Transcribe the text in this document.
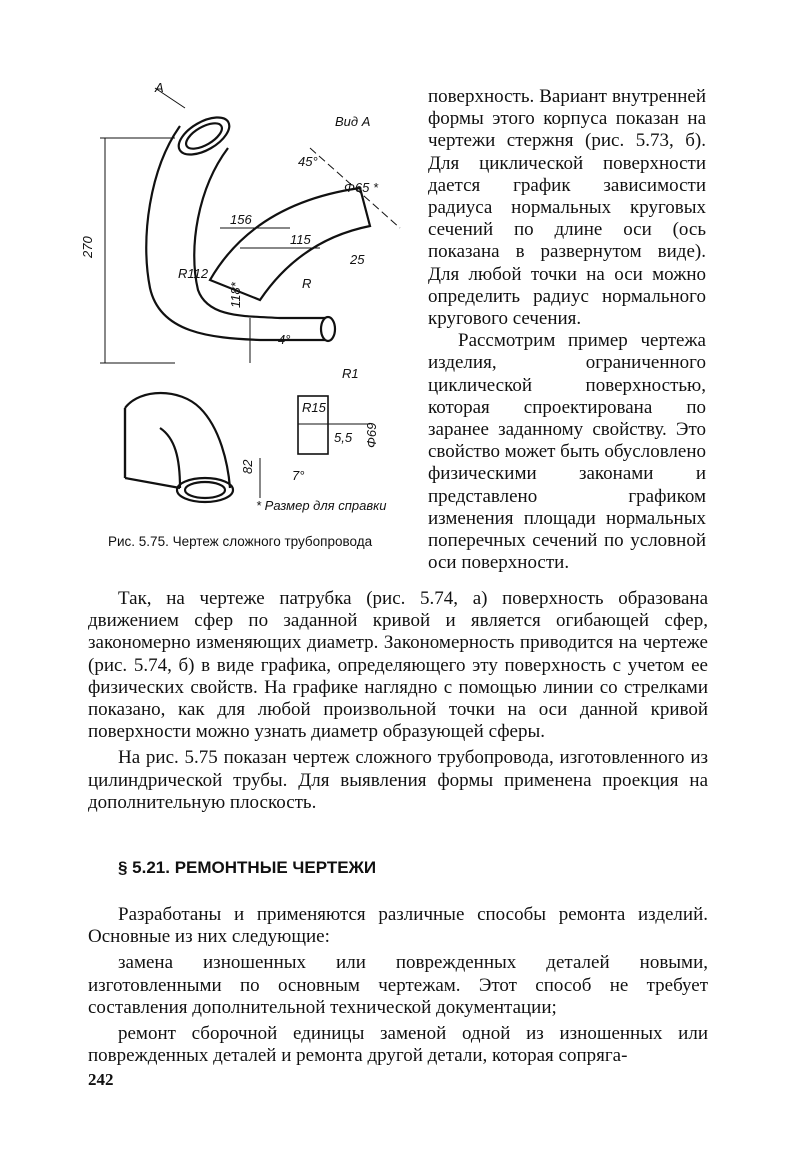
A
Вид А
45°
Φ65 *
156
115
270
R112
118*
25
R
4°
R1
R15
5,5 Φ69
82
7°
* Размер для справки
Рис. 5.75. Чертеж сложного трубопровода

поверхность. Вариант внутренней формы этого корпуса показан на чертежи стержня (рис. 5.73, б). Для циклической поверхности дается график зависимости радиуса нормальных круговых сечений по длине оси (ось показана в развернутом виде). Для любой точки на оси можно определить радиус нормального кругового сечения.

Рассмотрим пример чертежа изделия, ограниченного циклической поверхностью, которая спроектирована по заранее заданному свойству. Это свойство может быть обусловлено физическими законами и представлено графиком изменения площади нормальных поперечных сечений по условной оси поверхности.

Так, на чертеже патрубка (рис. 5.74, а) поверхность образована движением сфер по заданной кривой и является огибающей сфер, закономерно изменяющих диаметр. Закономерность приводится на чертеже (рис. 5.74, б) в виде графика, определяющего эту поверхность с учетом ее физических свойств. На графике наглядно с помощью линии со стрелками показано, как для любой произвольной точки на оси данной кривой поверхности можно узнать диаметр образующей сферы.

На рис. 5.75 показан чертеж сложного трубопровода, изготовленного из цилиндрической трубы. Для выявления формы применена проекция на дополнительную плоскость.

§ 5.21. РЕМОНТНЫЕ ЧЕРТЕЖИ

Разработаны и применяются различные способы ремонта изделий. Основные из них следующие:

замена изношенных или поврежденных деталей новыми, изготовленными по основным чертежам. Этот способ не требует составления дополнительной технической документации;

ремонт сборочной единицы заменой одной из изношенных или поврежденных деталей и ремонта другой детали, которая сопряга-

242
